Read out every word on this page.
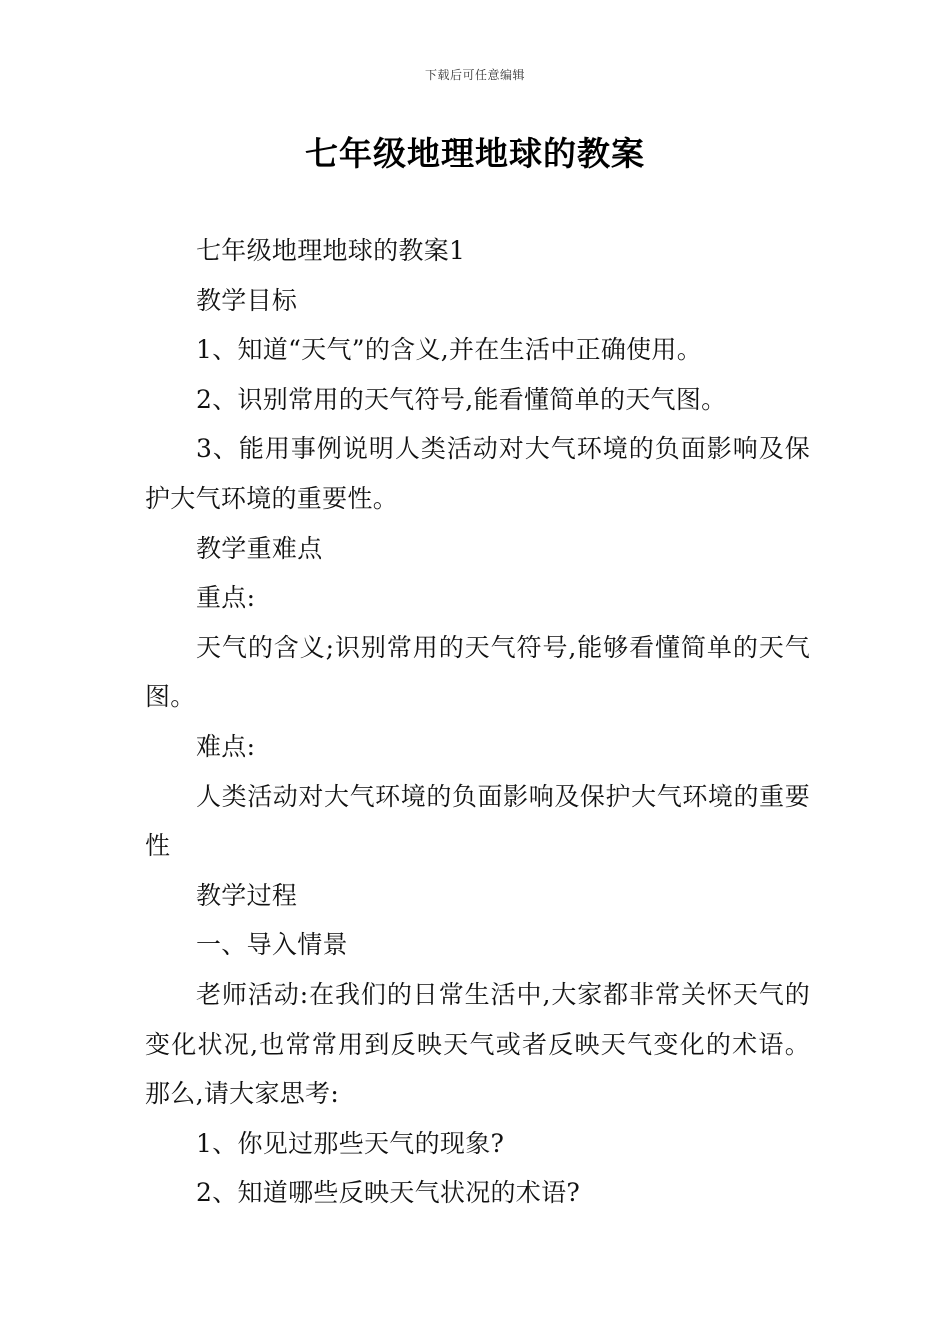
下载后可任意编辑
七年级地理地球的教案

七年级地理地球的教案1

教学目标

1、知道“天气”的含义,并在生活中正确使用。

2、识别常用的天气符号,能看懂简单的天气图。

3、能用事例说明人类活动对大气环境的负面影响及保护大气环境的重要性。

教学重难点

重点:

天气的含义;识别常用的天气符号,能够看懂简单的天气图。

难点:

人类活动对大气环境的负面影响及保护大气环境的重要性

教学过程

一、导入情景

老师活动:在我们的日常生活中,大家都非常关怀天气的变化状况,也常常用到反映天气或者反映天气变化的术语。那么,请大家思考:

1、你见过那些天气的现象?

2、知道哪些反映天气状况的术语?
